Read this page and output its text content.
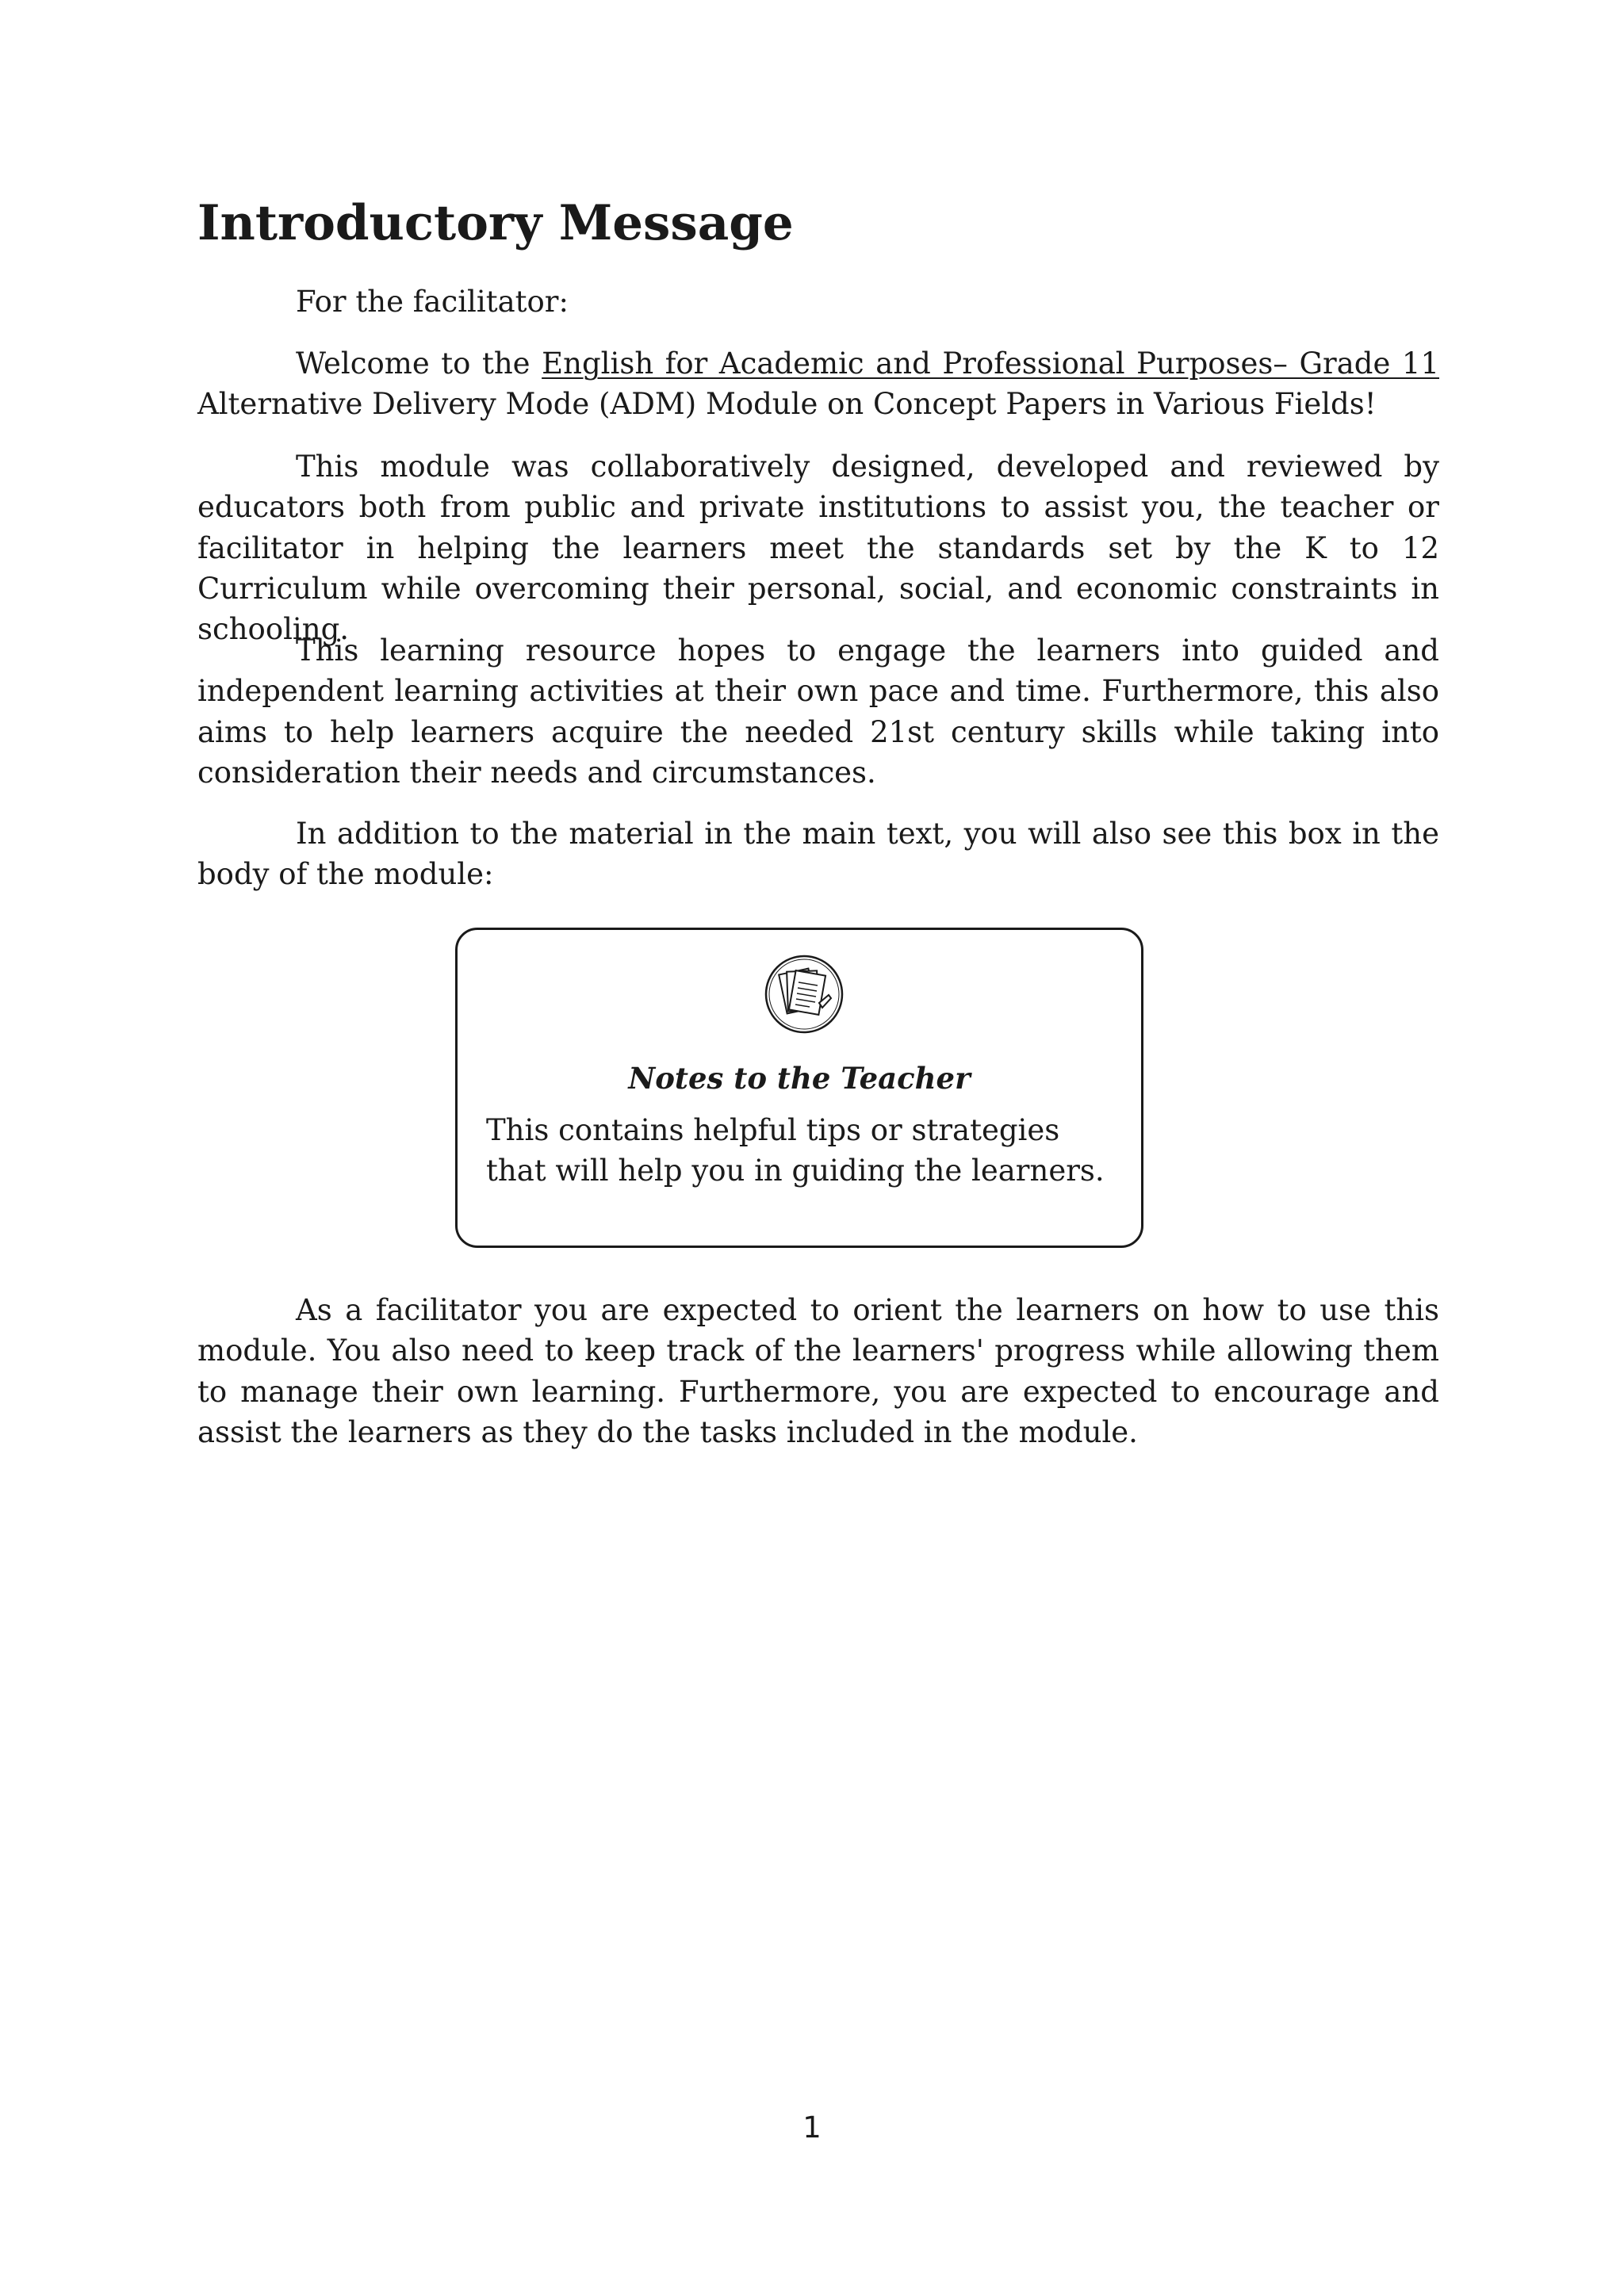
Introductory Message

For the facilitator:

Welcome to the English for Academic and Professional Purposes– Grade 11 Alternative Delivery Mode (ADM) Module on Concept Papers in Various Fields!

This module was collaboratively designed, developed and reviewed by educators both from public and private institutions to assist you, the teacher or facilitator in helping the learners meet the standards set by the K to 12 Curriculum while overcoming their personal, social, and economic constraints in schooling.

This learning resource hopes to engage the learners into guided and independent learning activities at their own pace and time. Furthermore, this also aims to help learners acquire the needed 21st century skills while taking into consideration their needs and circumstances.

In addition to the material in the main text, you will also see this box in the body of the module:

Notes to the Teacher

This contains helpful tips or strategies that will help you in guiding the learners.

As a facilitator you are expected to orient the learners on how to use this module. You also need to keep track of the learners' progress while allowing them to manage their own learning. Furthermore, you are expected to encourage and assist the learners as they do the tasks included in the module.

1
